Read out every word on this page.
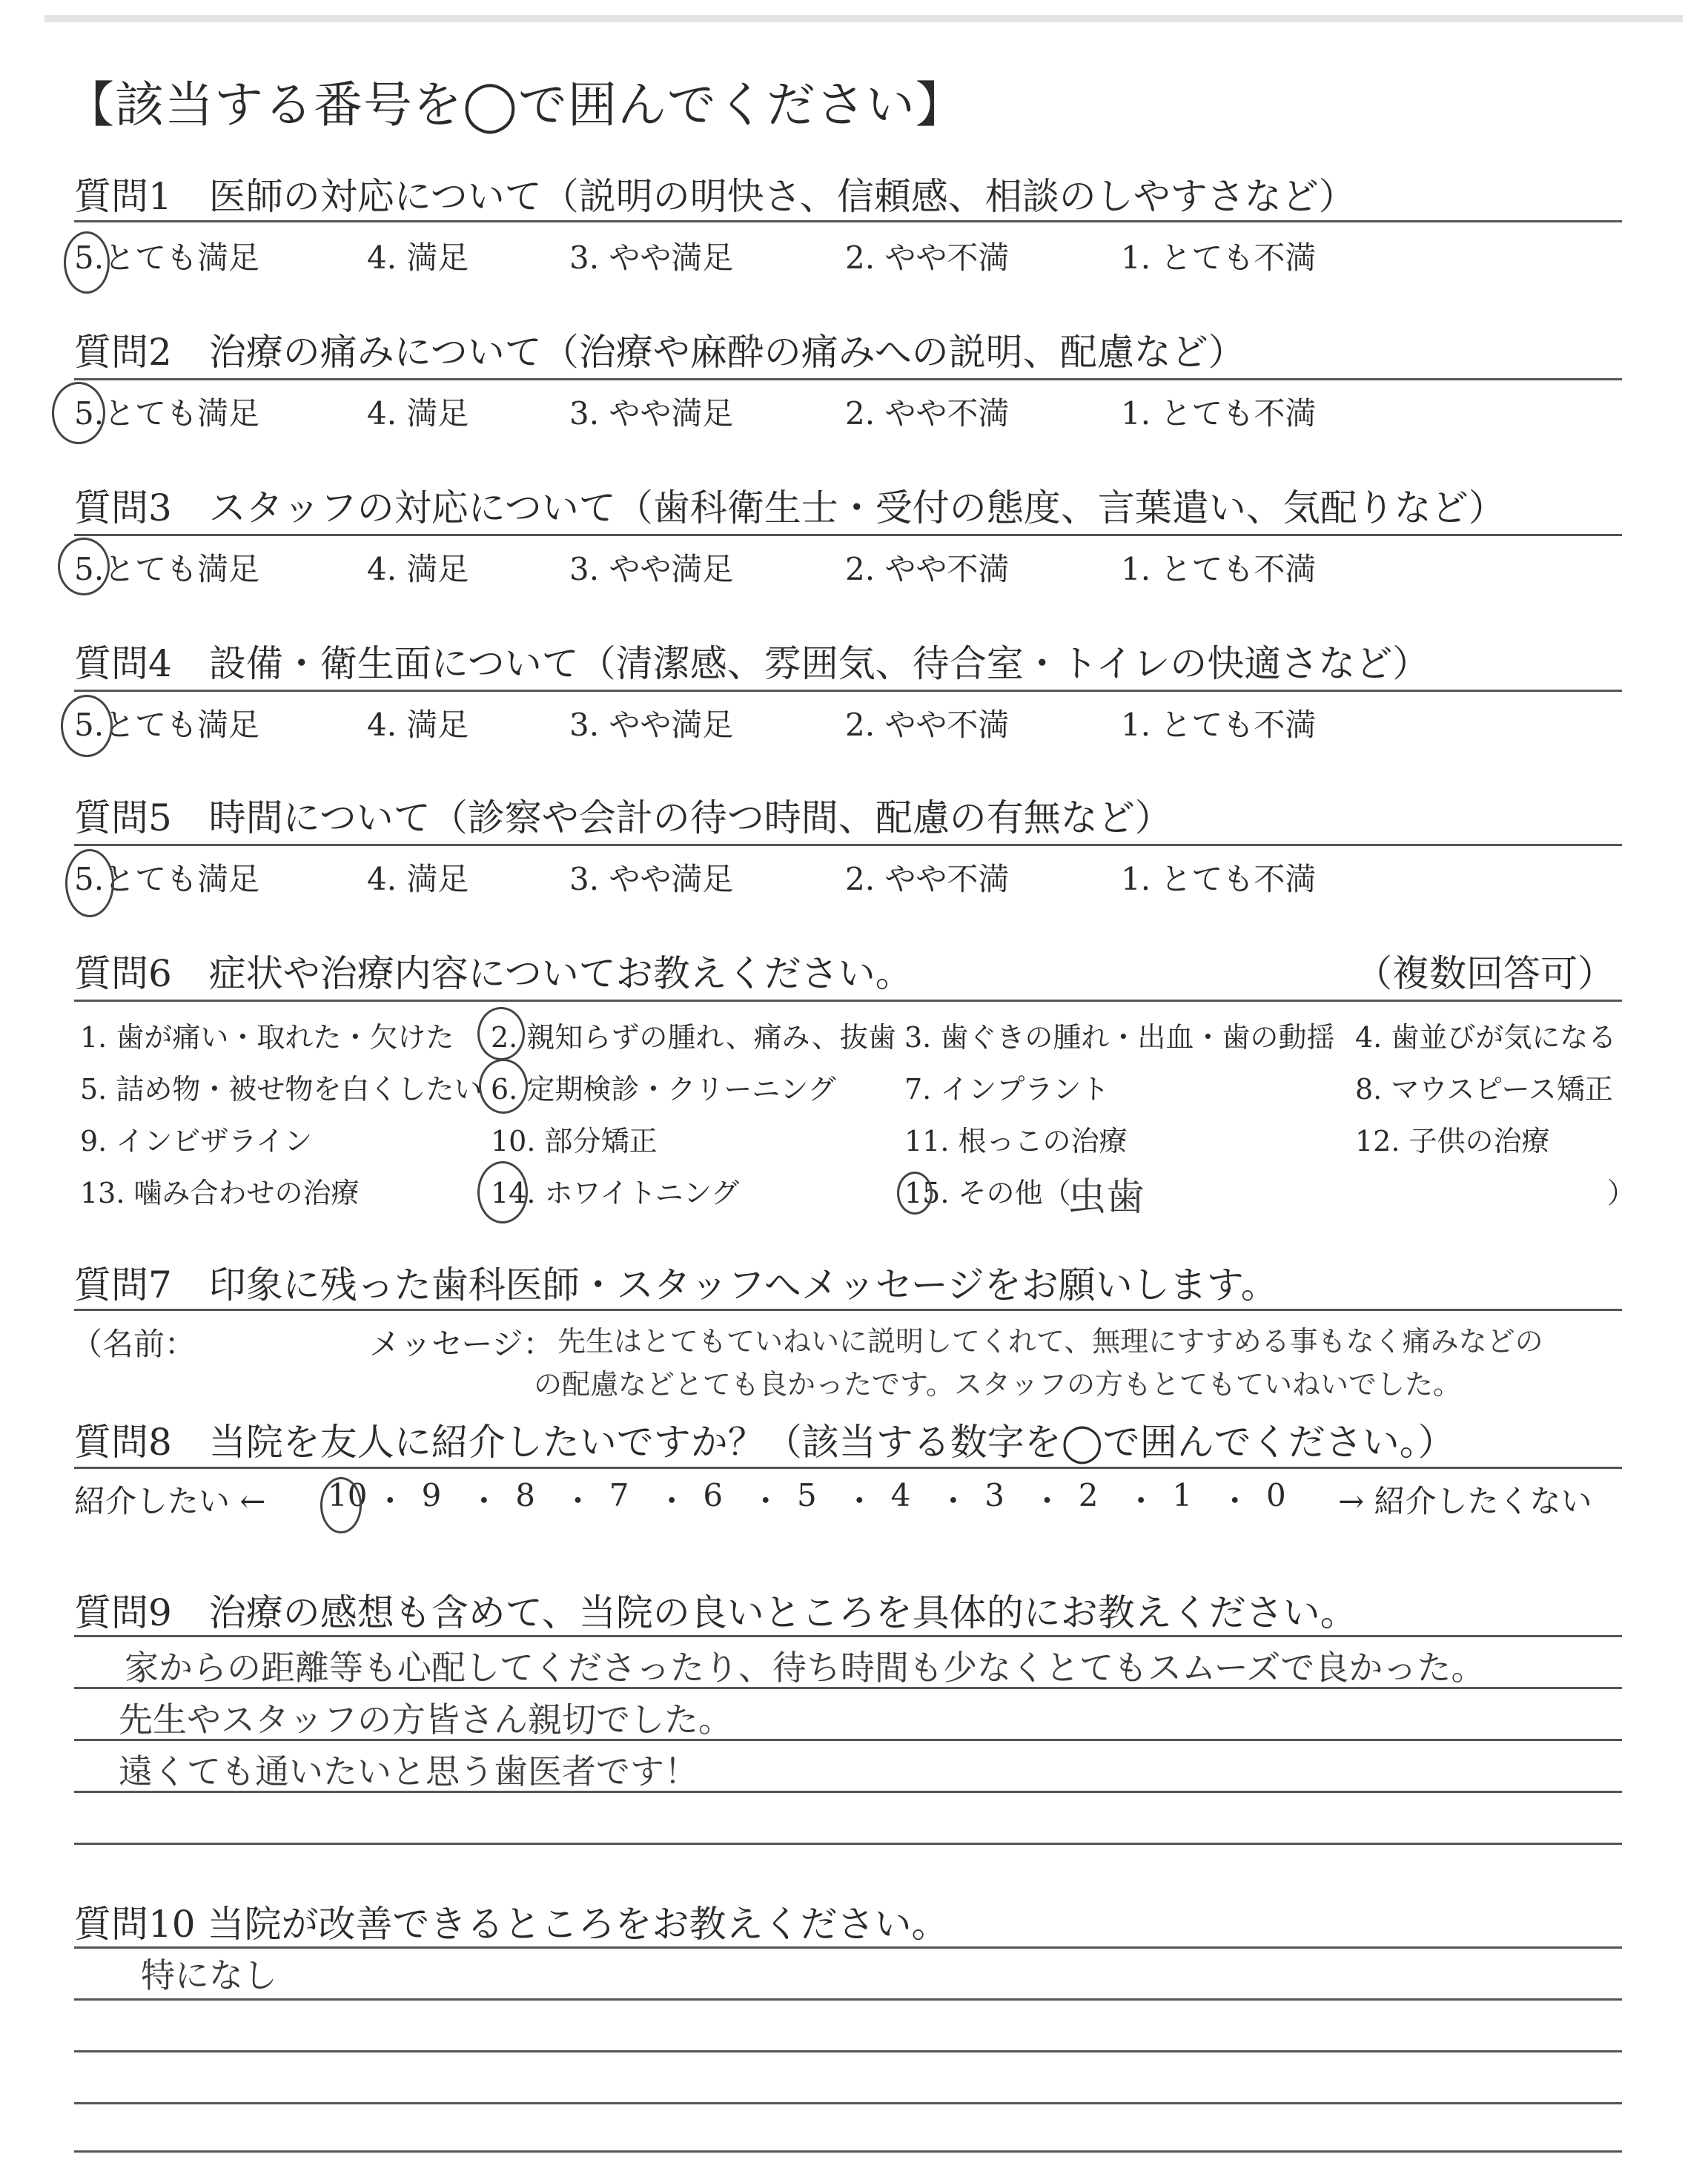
【該当する番号を◯で囲んでください】
質問1　医師の対応について（説明の明快さ、信頼感、相談のしやすさなど）
5.とても満足	4. 満足	3. やや満足	2. やや不満	1. とても不満
質問2　治療の痛みについて（治療や麻酔の痛みへの説明、配慮など）
5.とても満足	4. 満足	3. やや満足	2. やや不満	1. とても不満
質問3　スタッフの対応について（歯科衛生士・受付の態度、言葉遣い、気配りなど）
5.とても満足	4. 満足	3. やや満足	2. やや不満	1. とても不満
質問4　設備・衛生面について（清潔感、雰囲気、待合室・トイレの快適さなど）
5.とても満足	4. 満足	3. やや満足	2. やや不満	1. とても不満
質問5　時間について（診察や会計の待つ時間、配慮の有無など）
5.とても満足	4. 満足	3. やや満足	2. やや不満	1. とても不満
質問6　症状や治療内容についてお教えください。	（複数回答可）
1. 歯が痛い・取れた・欠けた 2. 親知らずの腫れ、痛み、抜歯 3. 歯ぐきの腫れ・出血・歯の動揺 4. 歯並びが気になる
5. 詰め物・被せ物を白くしたい 6. 定期検診・クリーニング 7. インプラント	8. マウスピース矯正
9. インビザライン	10. 部分矯正	11. 根っこの治療	12. 子供の治療
13. 噛み合わせの治療	14. ホワイトニング	15. その他（
虫歯	）
質問7　印象に残った歯科医師・スタッフへメッセージをお願いします。
（名前：	メッセージ： 先生はとてもていねいに説明してくれて、無理にすすめる事もなく痛みなどの
の配慮などとても良かったです。スタッフの方もとてもていねいでした。
質問8　当院を友人に紹介したいですか？（該当する数字を◯で囲んでください。）
紹介したい ← 10 ・ 9 ・ 8 ・ 7 ・ 6 ・ 5 ・ 4 ・ 3 ・ 2 ・ 1 ・ 0 → 紹介したくない
質問9　治療の感想も含めて、当院の良いところを具体的にお教えください。
家からの距離等も心配してくださったり、待ち時間も少なくとてもスムーズで良かった。
先生やスタッフの方皆さん親切でした。
遠くても通いたいと思う歯医者です！
質問10 当院が改善できるところをお教えください。
特になし
